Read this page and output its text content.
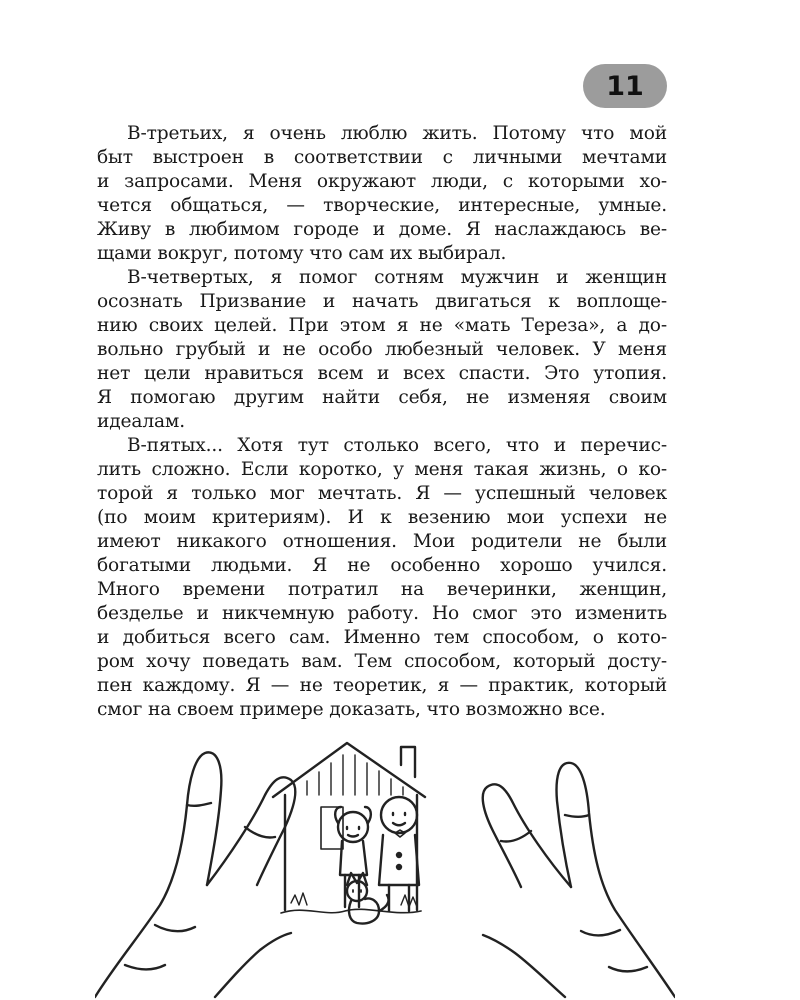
11
В-третьих, я очень люблю жить. Потому что мой
быт выстроен в соответствии с личными мечтами
и запросами. Меня окружают люди, с которыми хо-
чется общаться, — творческие, интересные, умные.
Живу в любимом городе и доме. Я наслаждаюсь ве-
щами вокруг, потому что сам их выбирал.
В-четвертых, я помог сотням мужчин и женщин
осознать Призвание и начать двигаться к воплоще-
нию своих целей. При этом я не «мать Тереза», а до-
вольно грубый и не особо любезный человек. У меня
нет цели нравиться всем и всех спасти. Это утопия.
Я помогаю другим найти себя, не изменяя своим
идеалам.
В-пятых... Хотя тут столько всего, что и перечис-
лить сложно. Если коротко, у меня такая жизнь, о ко-
торой я только мог мечтать. Я — успешный человек
(по моим критериям). И к везению мои успехи не
имеют никакого отношения. Мои родители не были
богатыми людьми. Я не особенно хорошо учился.
Много времени потратил на вечеринки, женщин,
безделье и никчемную работу. Но смог это изменить
и добиться всего сам. Именно тем способом, о кото-
ром хочу поведать вам. Тем способом, который досту-
пен каждому. Я — не теоретик, я — практик, который
смог на своем примере доказать, что возможно все.
